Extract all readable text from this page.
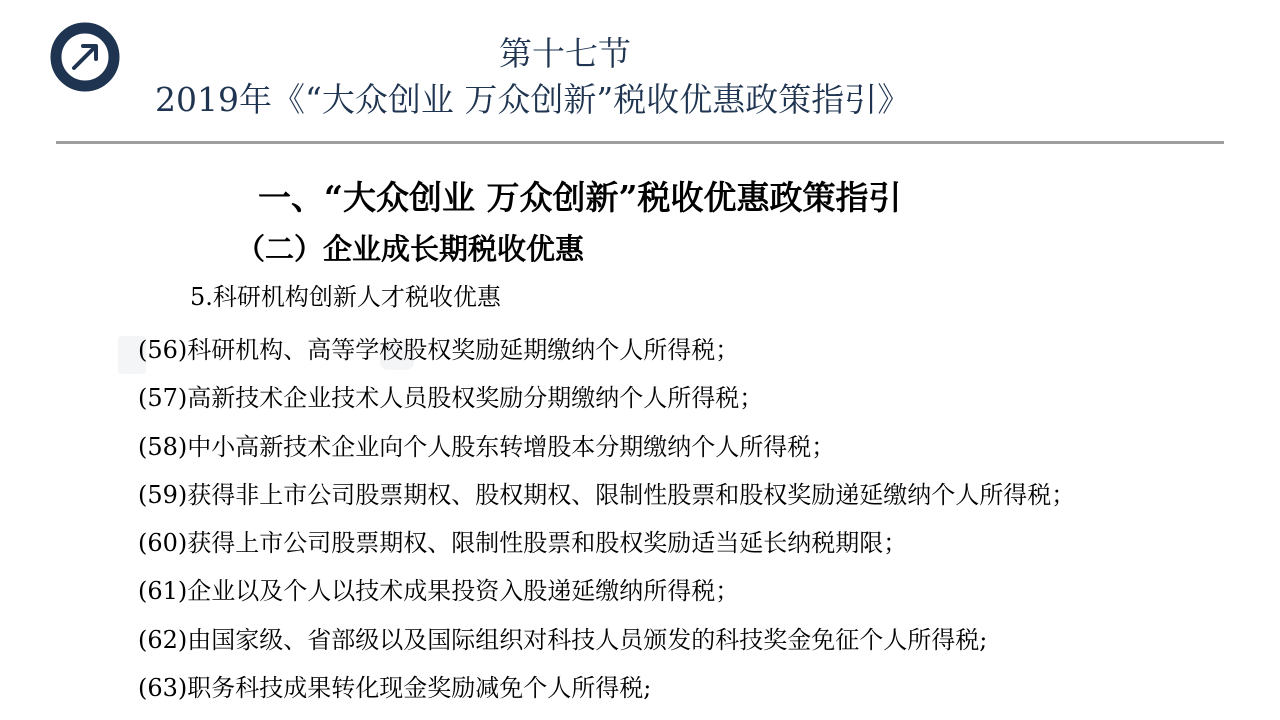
第十七节
2019年《“大众创业 万众创新”税收优惠政策指引》
一、“大众创业 万众创新”税收优惠政策指引
（二）企业成长期税收优惠
5.科研机构创新人才税收优惠
(56)科研机构、高等学校股权奖励延期缴纳个人所得税；
(57)高新技术企业技术人员股权奖励分期缴纳个人所得税；
(58)中小高新技术企业向个人股东转增股本分期缴纳个人所得税；
(59)获得非上市公司股票期权、股权期权、限制性股票和股权奖励递延缴纳个人所得税；
(60)获得上市公司股票期权、限制性股票和股权奖励适当延长纳税期限；
(61)企业以及个人以技术成果投资入股递延缴纳所得税；
(62)由国家级、省部级以及国际组织对科技人员颁发的科技奖金免征个人所得税;
(63)职务科技成果转化现金奖励减免个人所得税;
